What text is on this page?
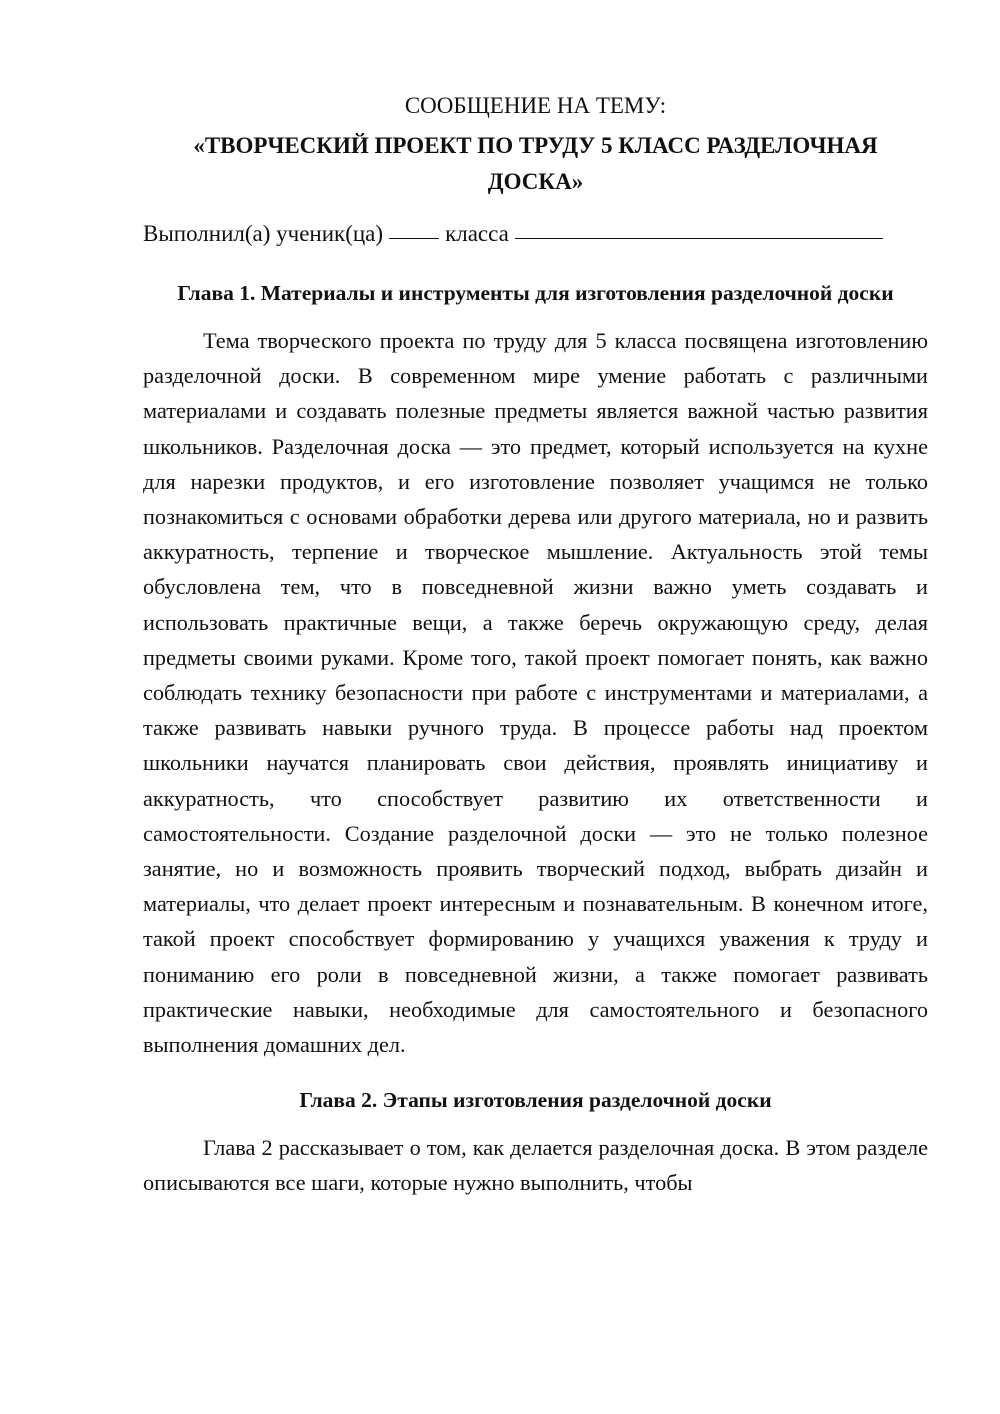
СООБЩЕНИЕ НА ТЕМУ:
«ТВОРЧЕСКИЙ ПРОЕКТ ПО ТРУДУ 5 КЛАСС РАЗДЕЛОЧНАЯ ДОСКА»
Выполнил(а) ученик(ца)	класса
Глава 1. Материалы и инструменты для изготовления разделочной доски

Тема творческого проекта по труду для 5 класса посвящена изготовлению разделочной доски. В современном мире умение работать с различными материалами и создавать полезные предметы является важной частью развития школьников. Разделочная доска — это предмет, который используется на кухне для нарезки продуктов, и его изготовление позволяет учащимся не только познакомиться с основами обработки дерева или другого материала, но и развить аккуратность, терпение и творческое мышление. Актуальность этой темы обусловлена тем, что в повседневной жизни важно уметь создавать и использовать практичные вещи, а также беречь окружающую среду, делая предметы своими руками. Кроме того, такой проект помогает понять, как важно соблюдать технику безопасности при работе с инструментами и материалами, а также развивать навыки ручного труда. В процессе работы над проектом школьники научатся планировать свои действия, проявлять инициативу и аккуратность, что способствует развитию их ответственности и самостоятельности. Создание разделочной доски — это не только полезное занятие, но и возможность проявить творческий подход, выбрать дизайн и материалы, что делает проект интересным и познавательным. В конечном итоге, такой проект способствует формированию у учащихся уважения к труду и пониманию его роли в повседневной жизни, а также помогает развивать практические навыки, необходимые для самостоятельного и безопасного выполнения домашних дел.

Глава 2. Этапы изготовления разделочной доски

Глава 2 рассказывает о том, как делается разделочная доска. В этом разделе описываются все шаги, которые нужно выполнить, чтобы
